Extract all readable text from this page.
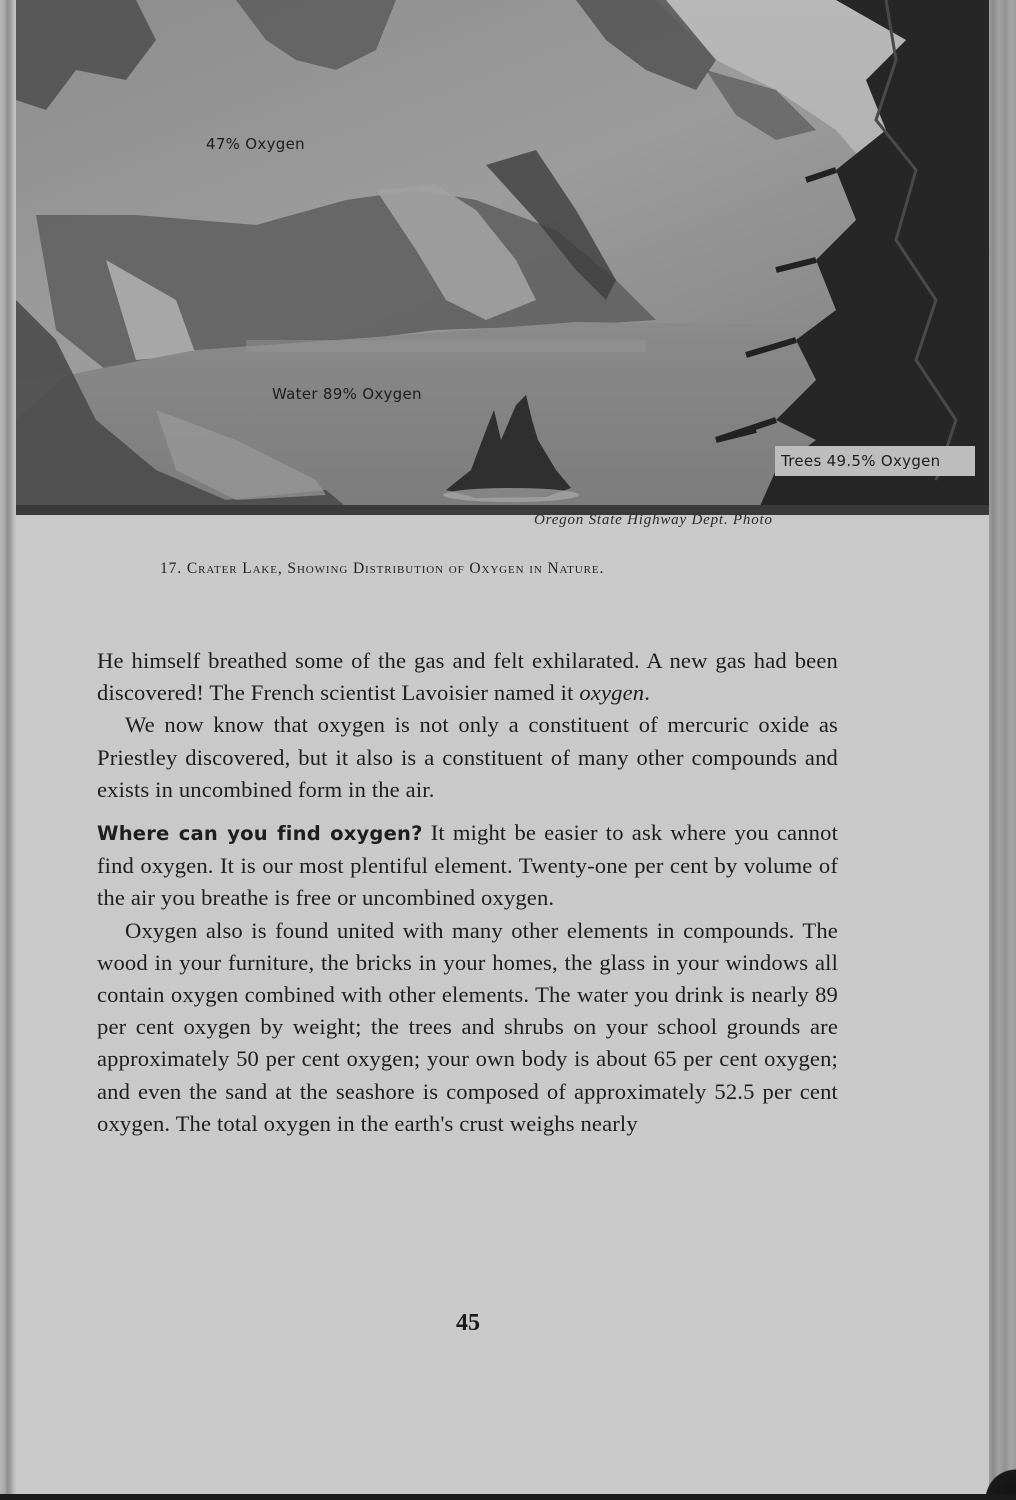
47% Oxygen
Water 89% Oxygen
Trees 49.5% Oxygen
Oregon State Highway Dept. Photo
17. Crater Lake, Showing Distribution of Oxygen in Nature.

He himself breathed some of the gas and felt exhilarated. A new gas had been discovered! The French scientist Lavoisier named it oxygen.

We now know that oxygen is not only a constituent of mercuric oxide as Priestley discovered, but it also is a constituent of many other compounds and exists in uncombined form in the air.

Where can you find oxygen? It might be easier to ask where you cannot find oxygen. It is our most plentiful element. Twenty-one per cent by volume of the air you breathe is free or uncombined oxygen.

Oxygen also is found united with many other elements in compounds. The wood in your furniture, the bricks in your homes, the glass in your windows all contain oxygen combined with other elements. The water you drink is nearly 89 per cent oxygen by weight; the trees and shrubs on your school grounds are approximately 50 per cent oxygen; your own body is about 65 per cent oxygen; and even the sand at the seashore is composed of approximately 52.5 per cent oxygen. The total oxygen in the earth's crust weighs nearly

45
